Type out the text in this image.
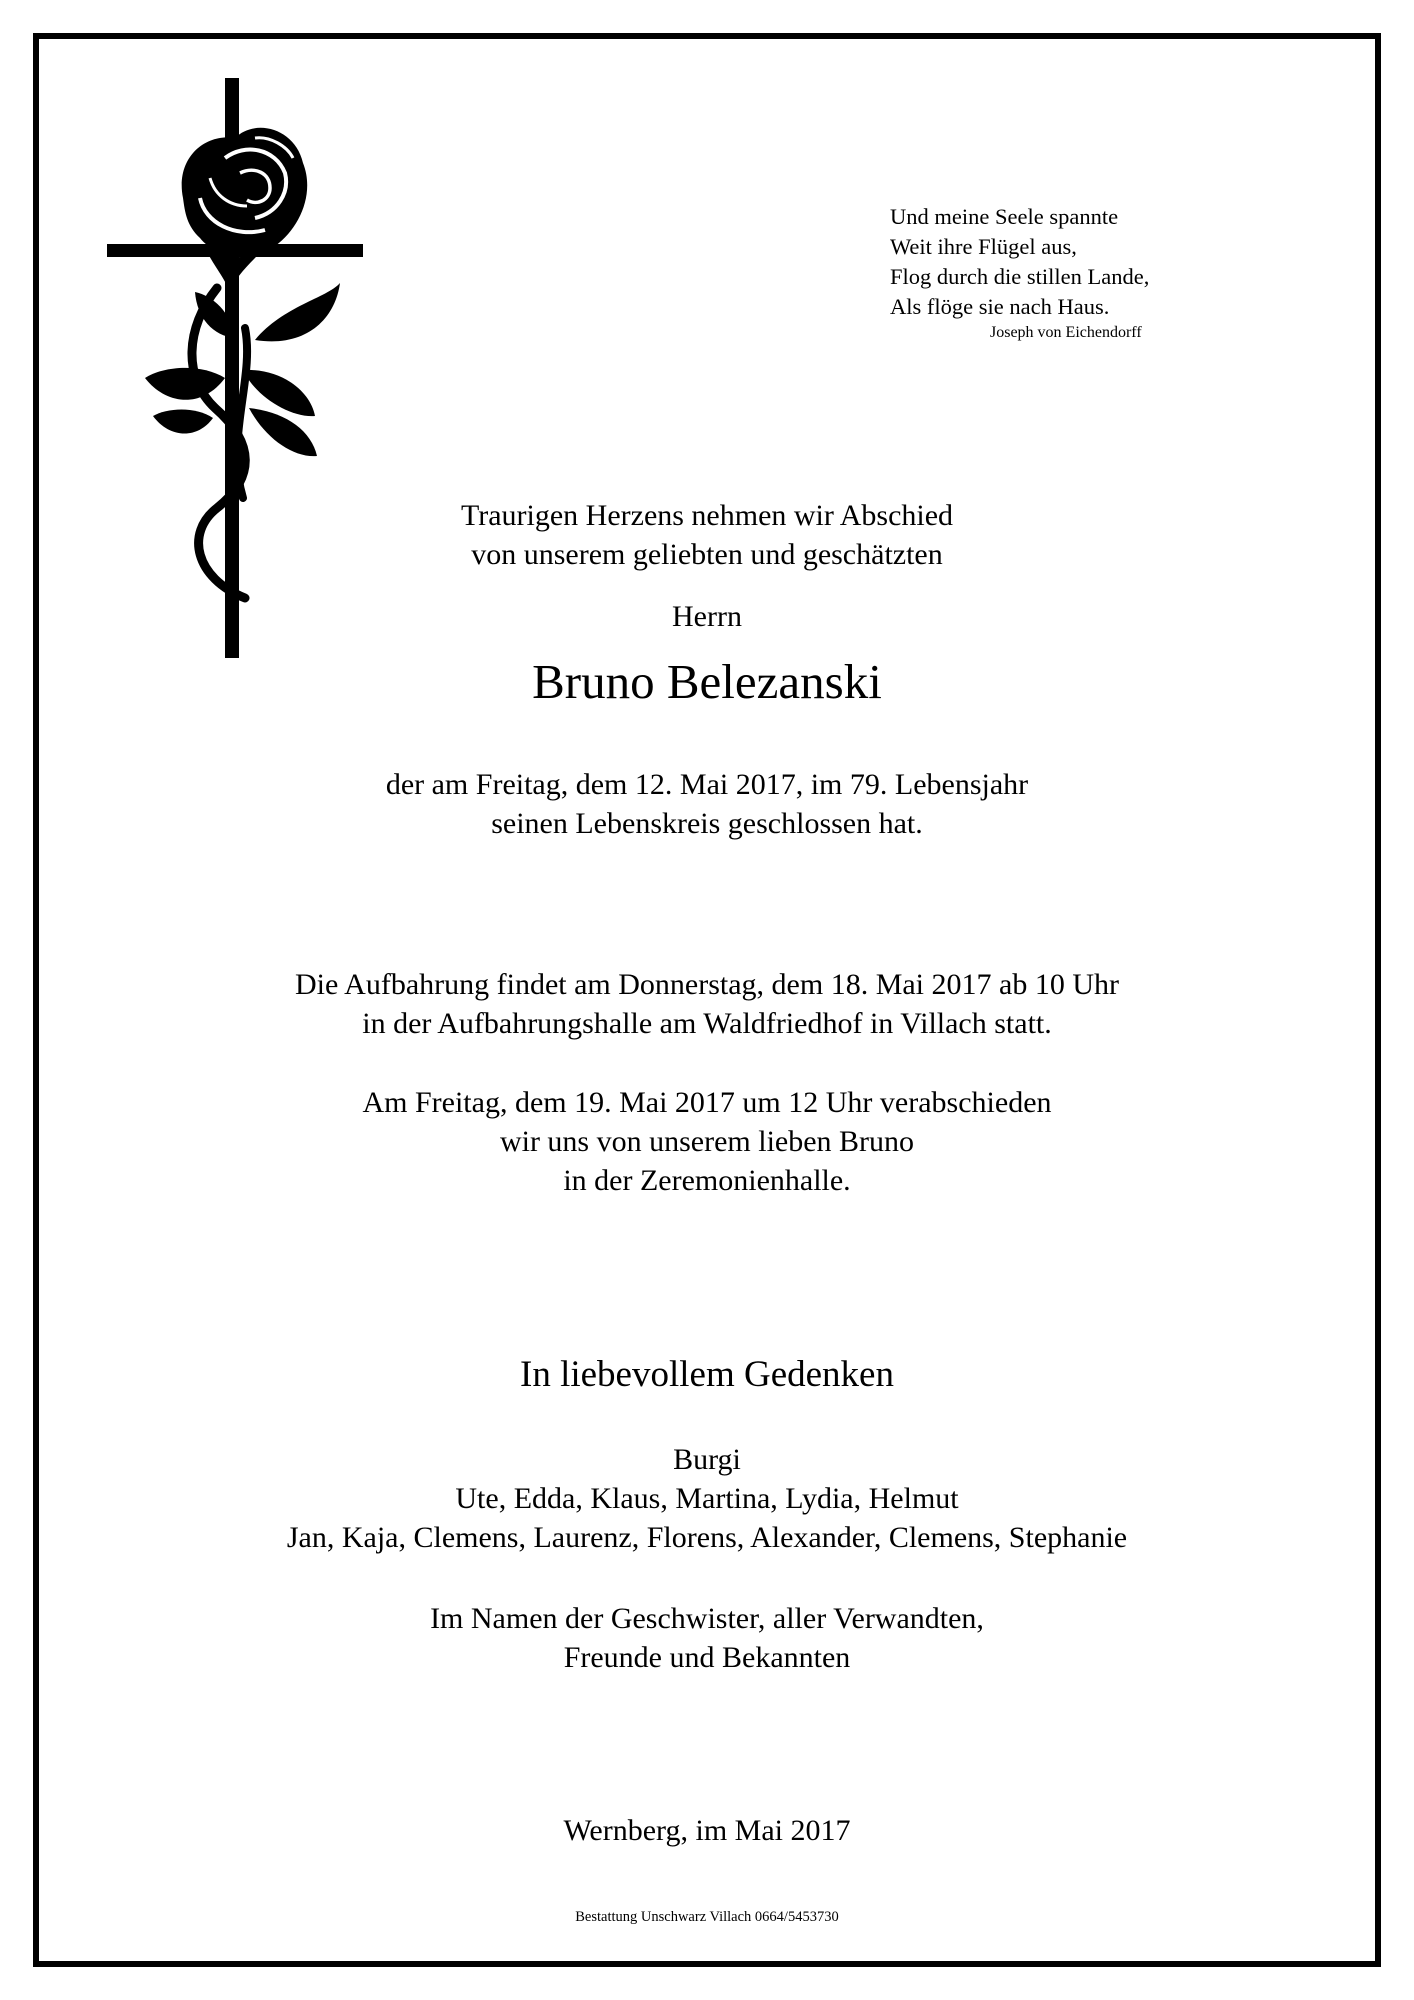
Und meine Seele spannte
Weit ihre Flügel aus,
Flog durch die stillen Lande,
Als flöge sie nach Haus.
Joseph von Eichendorff
Traurigen Herzens nehmen wir Abschied
von unserem geliebten und geschätzten
Herrn
Bruno Belezanski
der am Freitag, dem 12. Mai 2017, im 79. Lebensjahr
seinen Lebenskreis geschlossen hat.
Die Aufbahrung findet am Donnerstag, dem 18. Mai 2017 ab 10 Uhr
in der Aufbahrungshalle am Waldfriedhof in Villach statt.
Am Freitag, dem 19. Mai 2017 um 12 Uhr verabschieden
wir uns von unserem lieben Bruno
in der Zeremonienhalle.
In liebevollem Gedenken
Burgi
Ute, Edda, Klaus, Martina, Lydia, Helmut
Jan, Kaja, Clemens, Laurenz, Florens, Alexander, Clemens, Stephanie
Im Namen der Geschwister, aller Verwandten,
Freunde und Bekannten
Wernberg, im Mai 2017
Bestattung Unschwarz Villach 0664/5453730
